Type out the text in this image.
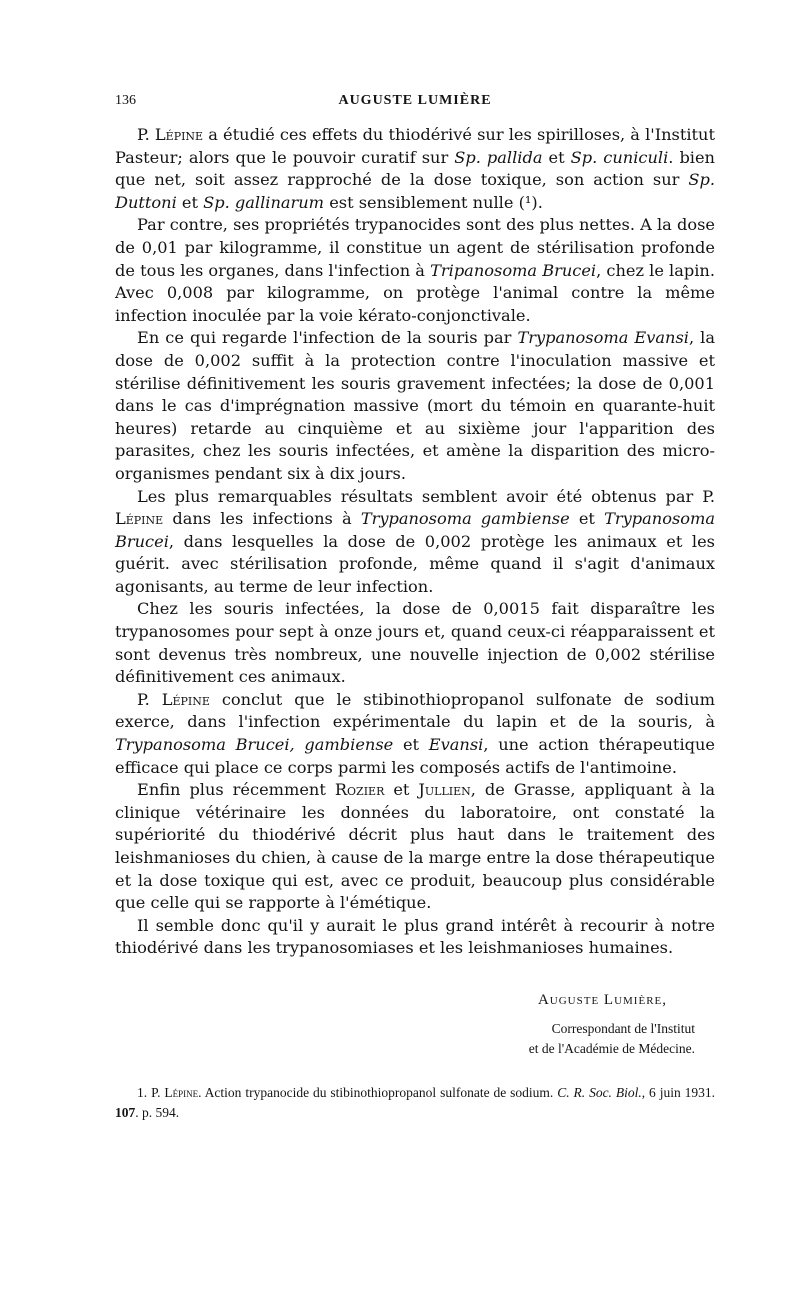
136	AUGUSTE LUMIÈRE

P. Lépine a étudié ces effets du thiodérivé sur les spirilloses, à l'Institut Pasteur; alors que le pouvoir curatif sur Sp. pallida et Sp. cuniculi. bien que net, soit assez rapproché de la dose toxique, son action sur Sp. Duttoni et Sp. gallinarum est sensiblement nulle (¹).

Par contre, ses propriétés trypanocides sont des plus nettes. A la dose de 0,01 par kilogramme, il constitue un agent de stérilisation profonde de tous les organes, dans l'infection à Tripanosoma Brucei, chez le lapin. Avec 0,008 par kilogramme, on protège l'animal contre la même infection inoculée par la voie kérato-conjonctivale.

En ce qui regarde l'infection de la souris par Trypanosoma Evansi, la dose de 0,002 suffit à la protection contre l'inoculation massive et stérilise définitivement les souris gravement infectées; la dose de 0,001 dans le cas d'imprégnation massive (mort du témoin en quarante-huit heures) retarde au cinquième et au sixième jour l'apparition des parasites, chez les souris infectées, et amène la disparition des micro-organismes pendant six à dix jours.

Les plus remarquables résultats semblent avoir été obtenus par P. Lépine dans les infections à Trypanosoma gambiense et Trypanosoma Brucei, dans lesquelles la dose de 0,002 protège les animaux et les guérit. avec stérilisation profonde, même quand il s'agit d'animaux agonisants, au terme de leur infection.

Chez les souris infectées, la dose de 0,0015 fait disparaître les trypanosomes pour sept à onze jours et, quand ceux-ci réapparaissent et sont devenus très nombreux, une nouvelle injection de 0,002 stérilise définitivement ces animaux.

P. Lépine conclut que le stibinothiopropanol sulfonate de sodium exerce, dans l'infection expérimentale du lapin et de la souris, à Trypanosoma Brucei, gambiense et Evansi, une action thérapeutique efficace qui place ce corps parmi les composés actifs de l'antimoine.

Enfin plus récemment Rozier et Jullien, de Grasse, appliquant à la clinique vétérinaire les données du laboratoire, ont constaté la supériorité du thiodérivé décrit plus haut dans le traitement des leishmanioses du chien, à cause de la marge entre la dose thérapeutique et la dose toxique qui est, avec ce produit, beaucoup plus considérable que celle qui se rapporte à l'émétique.

Il semble donc qu'il y aurait le plus grand intérêt à recourir à notre thiodérivé dans les trypanosomiases et les leishmanioses humaines.

Auguste Lumière,
Correspondant de l'Institut
et de l'Académie de Médecine.
1. P. Lépine. Action trypanocide du stibinothiopropanol sulfonate de sodium. C. R. Soc. Biol., 6 juin 1931. 107. p. 594.
